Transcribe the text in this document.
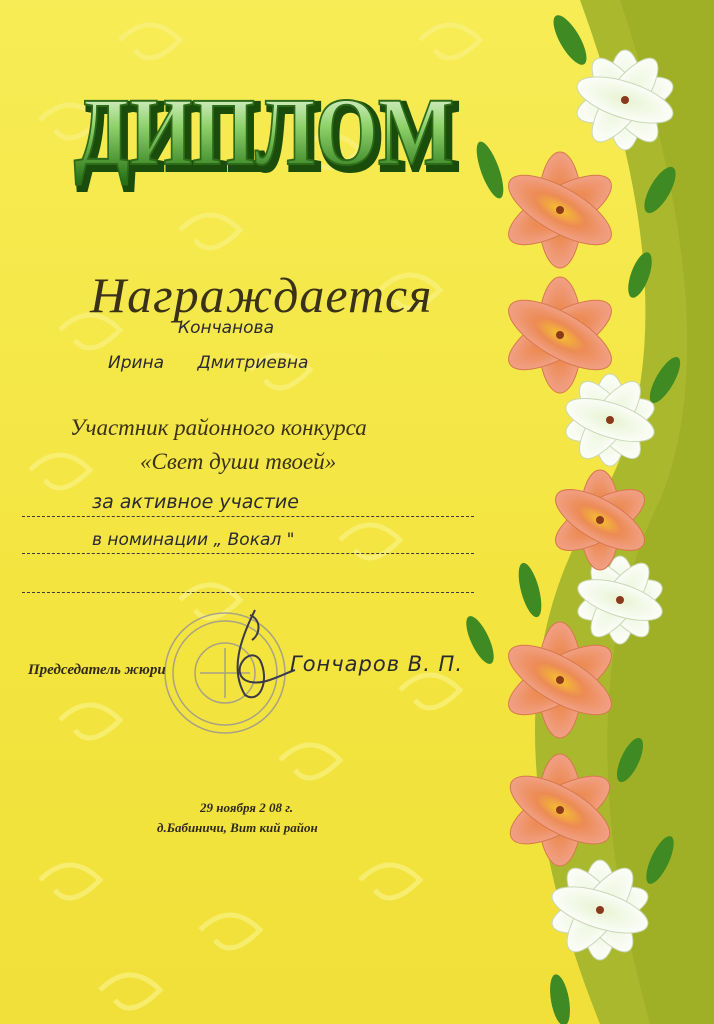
ДИПЛОМ
ДИПЛОМ
Награждается
Кончанова
Ирина Дмитриевна
Участник районного конкурса
«Свет души твоей»
за активное участие
в номинации „ Вокал "
Председатель жюри	Гончаров В. П.
29 ноября 2 08 г.
д.Бабиничи, Вит кий район
